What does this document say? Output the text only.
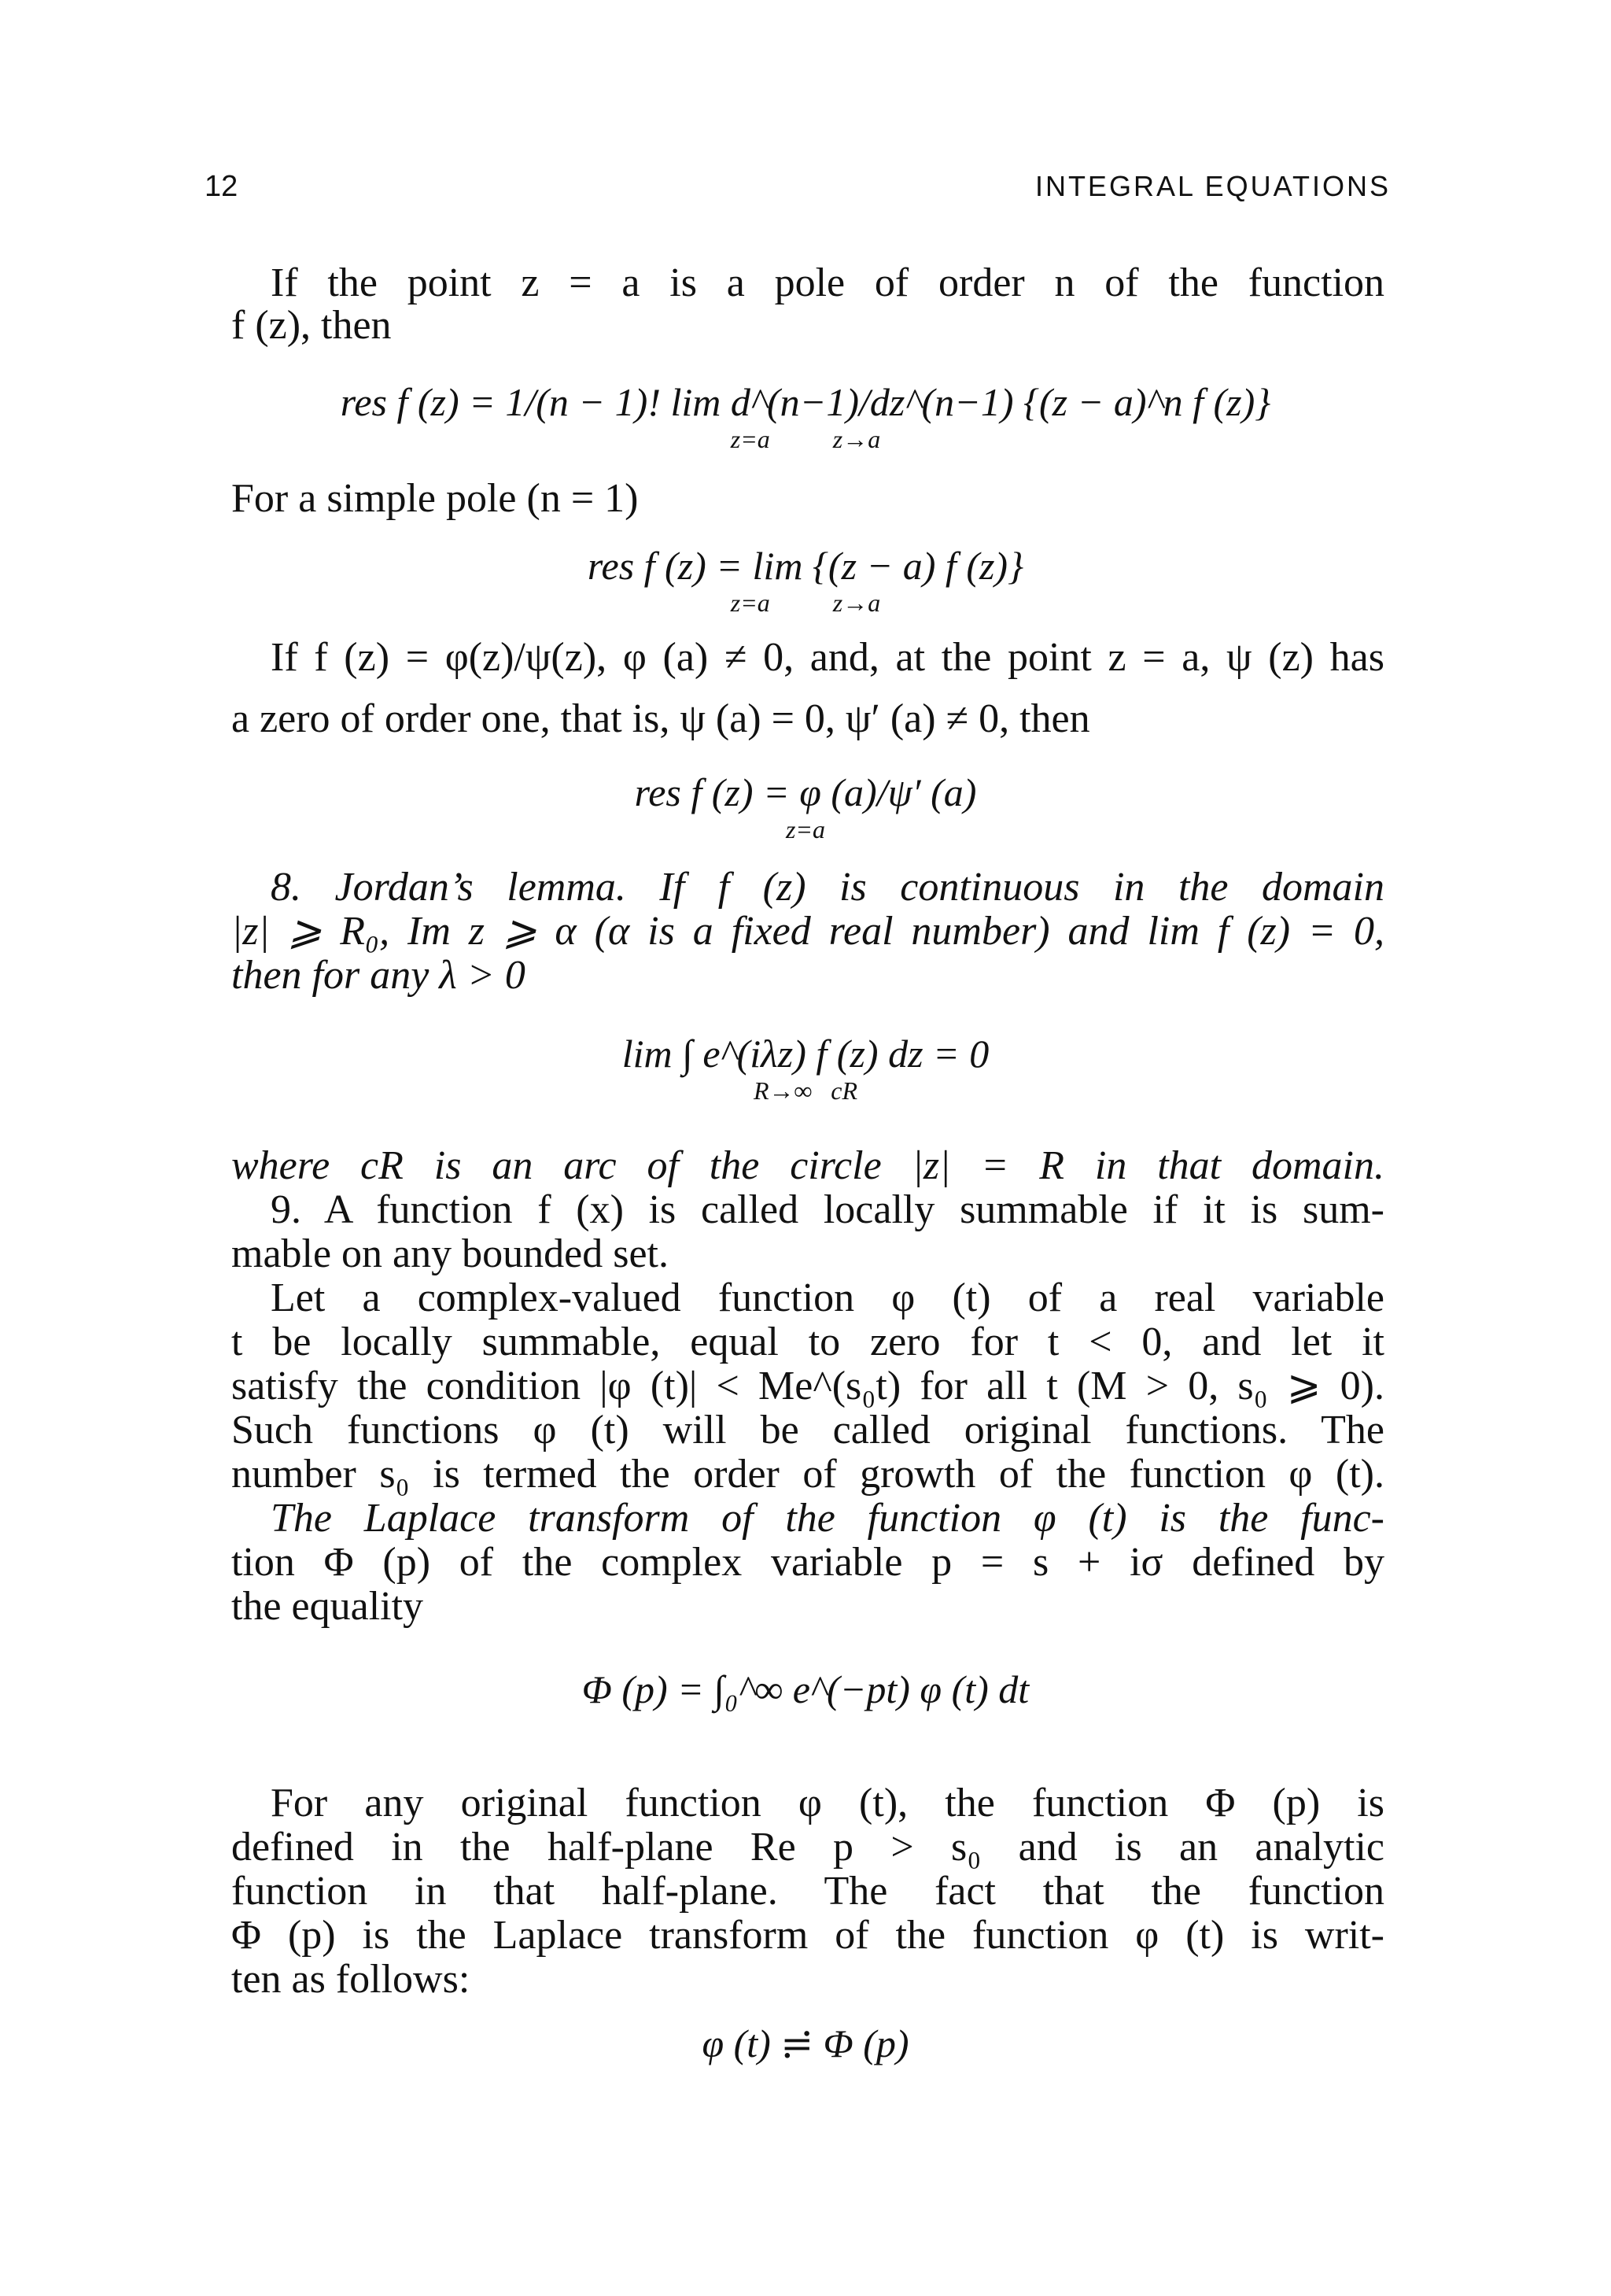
12	INTEGRAL EQUATIONS
If the point z = a is a pole of order n of the function
f (z), then
For a simple pole (n = 1)
If f (z) = φ(z)/ψ(z), φ (a) ≠ 0, and, at the point z = a, ψ (z) has
a zero of order one, that is, ψ (a) = 0, ψ′ (a) ≠ 0, then
8. Jordan’s lemma. If f (z) is continuous in the domain
|z| ⩾ R₀, Im z ⩾ α (α is a fixed real number) and lim f (z) = 0,
then for any λ > 0
where cR is an arc of the circle |z| = R in that domain.
9. A function f (x) is called locally summable if it is sum-
mable on any bounded set.
Let a complex-valued function φ (t) of a real variable
t be locally summable, equal to zero for t < 0, and let it
satisfy the condition |φ (t)| < Me^(s₀t) for all t (M > 0, s₀ ⩾ 0).
Such functions φ (t) will be called original functions. The
number s₀ is termed the order of growth of the function φ (t).
The Laplace transform of the function φ (t) is the func-
tion Φ (p) of the complex variable p = s + iσ defined by
the equality
For any original function φ (t), the function Φ (p) is
defined in the half-plane Re p > s₀ and is an analytic
function in that half-plane. The fact that the function
Φ (p) is the Laplace transform of the function φ (t) is writ-
ten as follows:
res f (z) = 1/(n − 1)! lim d^(n−1)/dz^(n−1) {(z − a)^n f (z)}
z=a          z→a
res f (z) = lim {(z − a) f (z)}
z=a          z→a
res f (z) = φ (a)/ψ′ (a)
z=a
lim ∫ e^(iλz) f (z) dz = 0
R→∞   cR
Φ (p) = ∫₀^∞ e^(−pt) φ (t) dt
φ (t) ≓ Φ (p)
